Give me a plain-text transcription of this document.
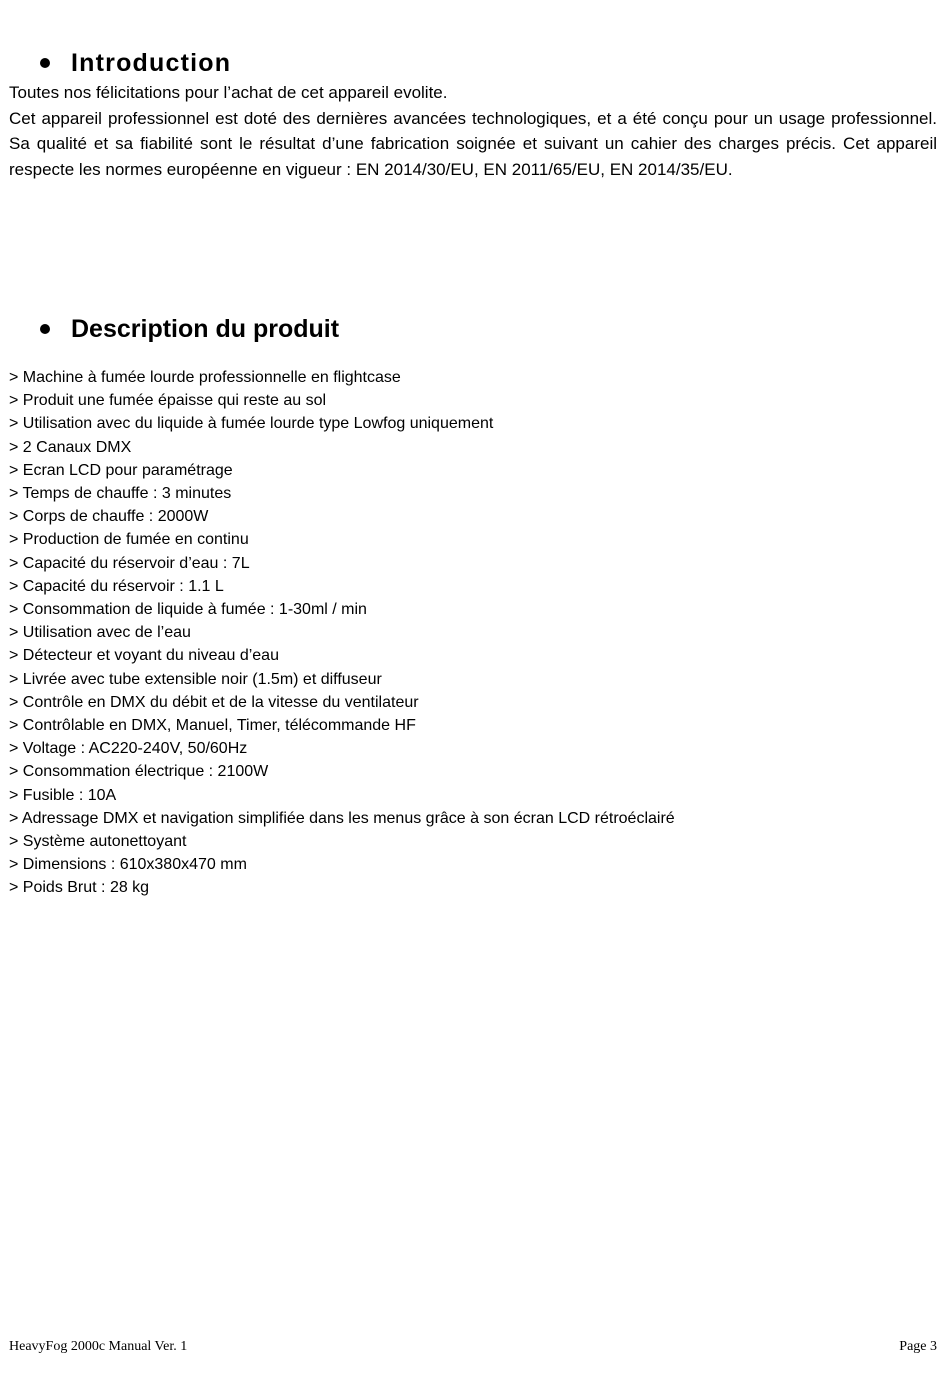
Introduction

Toutes nos félicitations pour l’achat de cet appareil evolite.

Cet appareil professionnel est doté des dernières avancées technologiques, et a été conçu pour un usage professionnel. Sa qualité et sa fiabilité sont le résultat d’une fabrication soignée et suivant un cahier des charges précis. Cet appareil respecte les normes européenne en vigueur : EN 2014/30/EU, EN 2011/65/EU, EN 2014/35/EU.

Description du produit
> Machine à fumée lourde professionnelle en flightcase
> Produit une fumée épaisse qui reste au sol
> Utilisation avec du liquide à fumée lourde type Lowfog uniquement
> 2 Canaux DMX
> Ecran LCD pour paramétrage
> Temps de chauffe : 3 minutes
> Corps de chauffe : 2000W
> Production de fumée en continu
> Capacité du réservoir d’eau : 7L
> Capacité du réservoir : 1.1 L
> Consommation de liquide à fumée : 1-30ml / min
> Utilisation avec de l’eau
> Détecteur et voyant du niveau d’eau
> Livrée avec tube extensible noir (1.5m) et diffuseur
> Contrôle en DMX du débit et de la vitesse du ventilateur
> Contrôlable en DMX, Manuel, Timer, télécommande HF
> Voltage : AC220-240V, 50/60Hz
> Consommation électrique : 2100W
> Fusible : 10A
> Adressage DMX et navigation simplifiée dans les menus grâce à son écran LCD rétroéclairé
> Système autonettoyant
> Dimensions : 610x380x470 mm
> Poids Brut : 28 kg
HeavyFog 2000c Manual Ver. 1	Page 3
